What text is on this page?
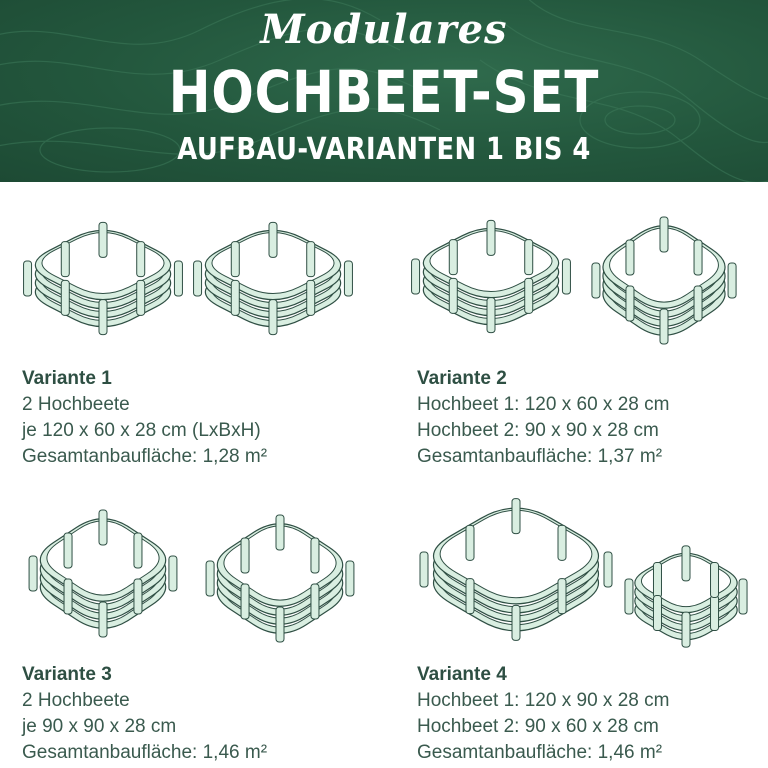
Modulares
HOCHBEET-SET
AUFBAU-VARIANTEN 1 BIS 4
Variante 1
2 Hochbeete
je 120 x 60 x 28 cm (LxBxH)
Gesamtanbaufläche: 1,28 m²
Variante 2
Hochbeet 1: 120 x 60 x 28 cm
Hochbeet 2: 90 x 90 x 28 cm
Gesamtanbaufläche: 1,37 m²
Variante 3
2 Hochbeete
je 90 x 90 x 28 cm
Gesamtanbaufläche: 1,46 m²
Variante 4
Hochbeet 1: 120 x 90 x 28 cm
Hochbeet 2: 90 x 60 x 28 cm
Gesamtanbaufläche: 1,46 m²
